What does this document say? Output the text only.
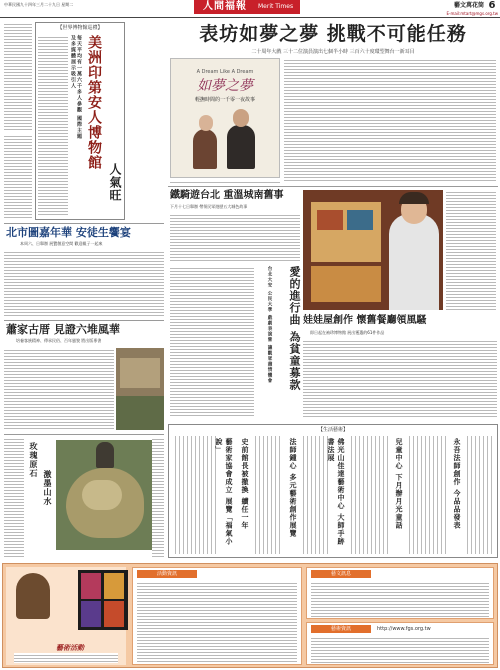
中華民國九十四年三月二十九日 星期二	人間福報	Merit Times	藝文萬花筒 6
E-mail:mtart@mgs.org.tw
【世界博物館巡禮】
每天平均有一萬六千多人參觀 國際主題及多媒體展示吸引人 美洲印第安人博物館
人氣旺
北市圖嘉年華 安徒生饗宴
本周六、日舉辦 展覽創意空間 歡迎親子一起來
蕭家古厝 見證六堆風華
培養客族精神、傳承民俗、百年風貌 將出版專書
玫瑰原石
激墨山水
表坊如夢之夢 挑戰不可能任務
二十周年大戲 三十二位演員演出七個半小時 三百六十度環型舞台一新耳目
A Dream Like A Dream
如夢之夢
輕撫時間的一千零一夜故事
鐵騎遊台北 重溫城南舊事
下月十七日舉辦 帶領民眾遊歷五大城色故事
愛的進行曲 為貧童募款
台北大安 公民大學 戲劇表演營 讓觀眾盡情體會	娃娃屋創作 懷舊餐廳領風騷
即日起在袖珍博物館 展出獲選的61件作品
【生活藝術】
藝術家協會成立 展覽「福氣小說」	史前館長被撤換 續任一年	法師鍾心 多元藝術創作展覽	佛光山佳達藝術中心 大師手跡書法展	兒童中心 下月辦月光童話	永吾法師創作 今品品發表
藝術活動
活動資訊	藝文訊息
藝術資訊	http://www.fgs.org.tw
